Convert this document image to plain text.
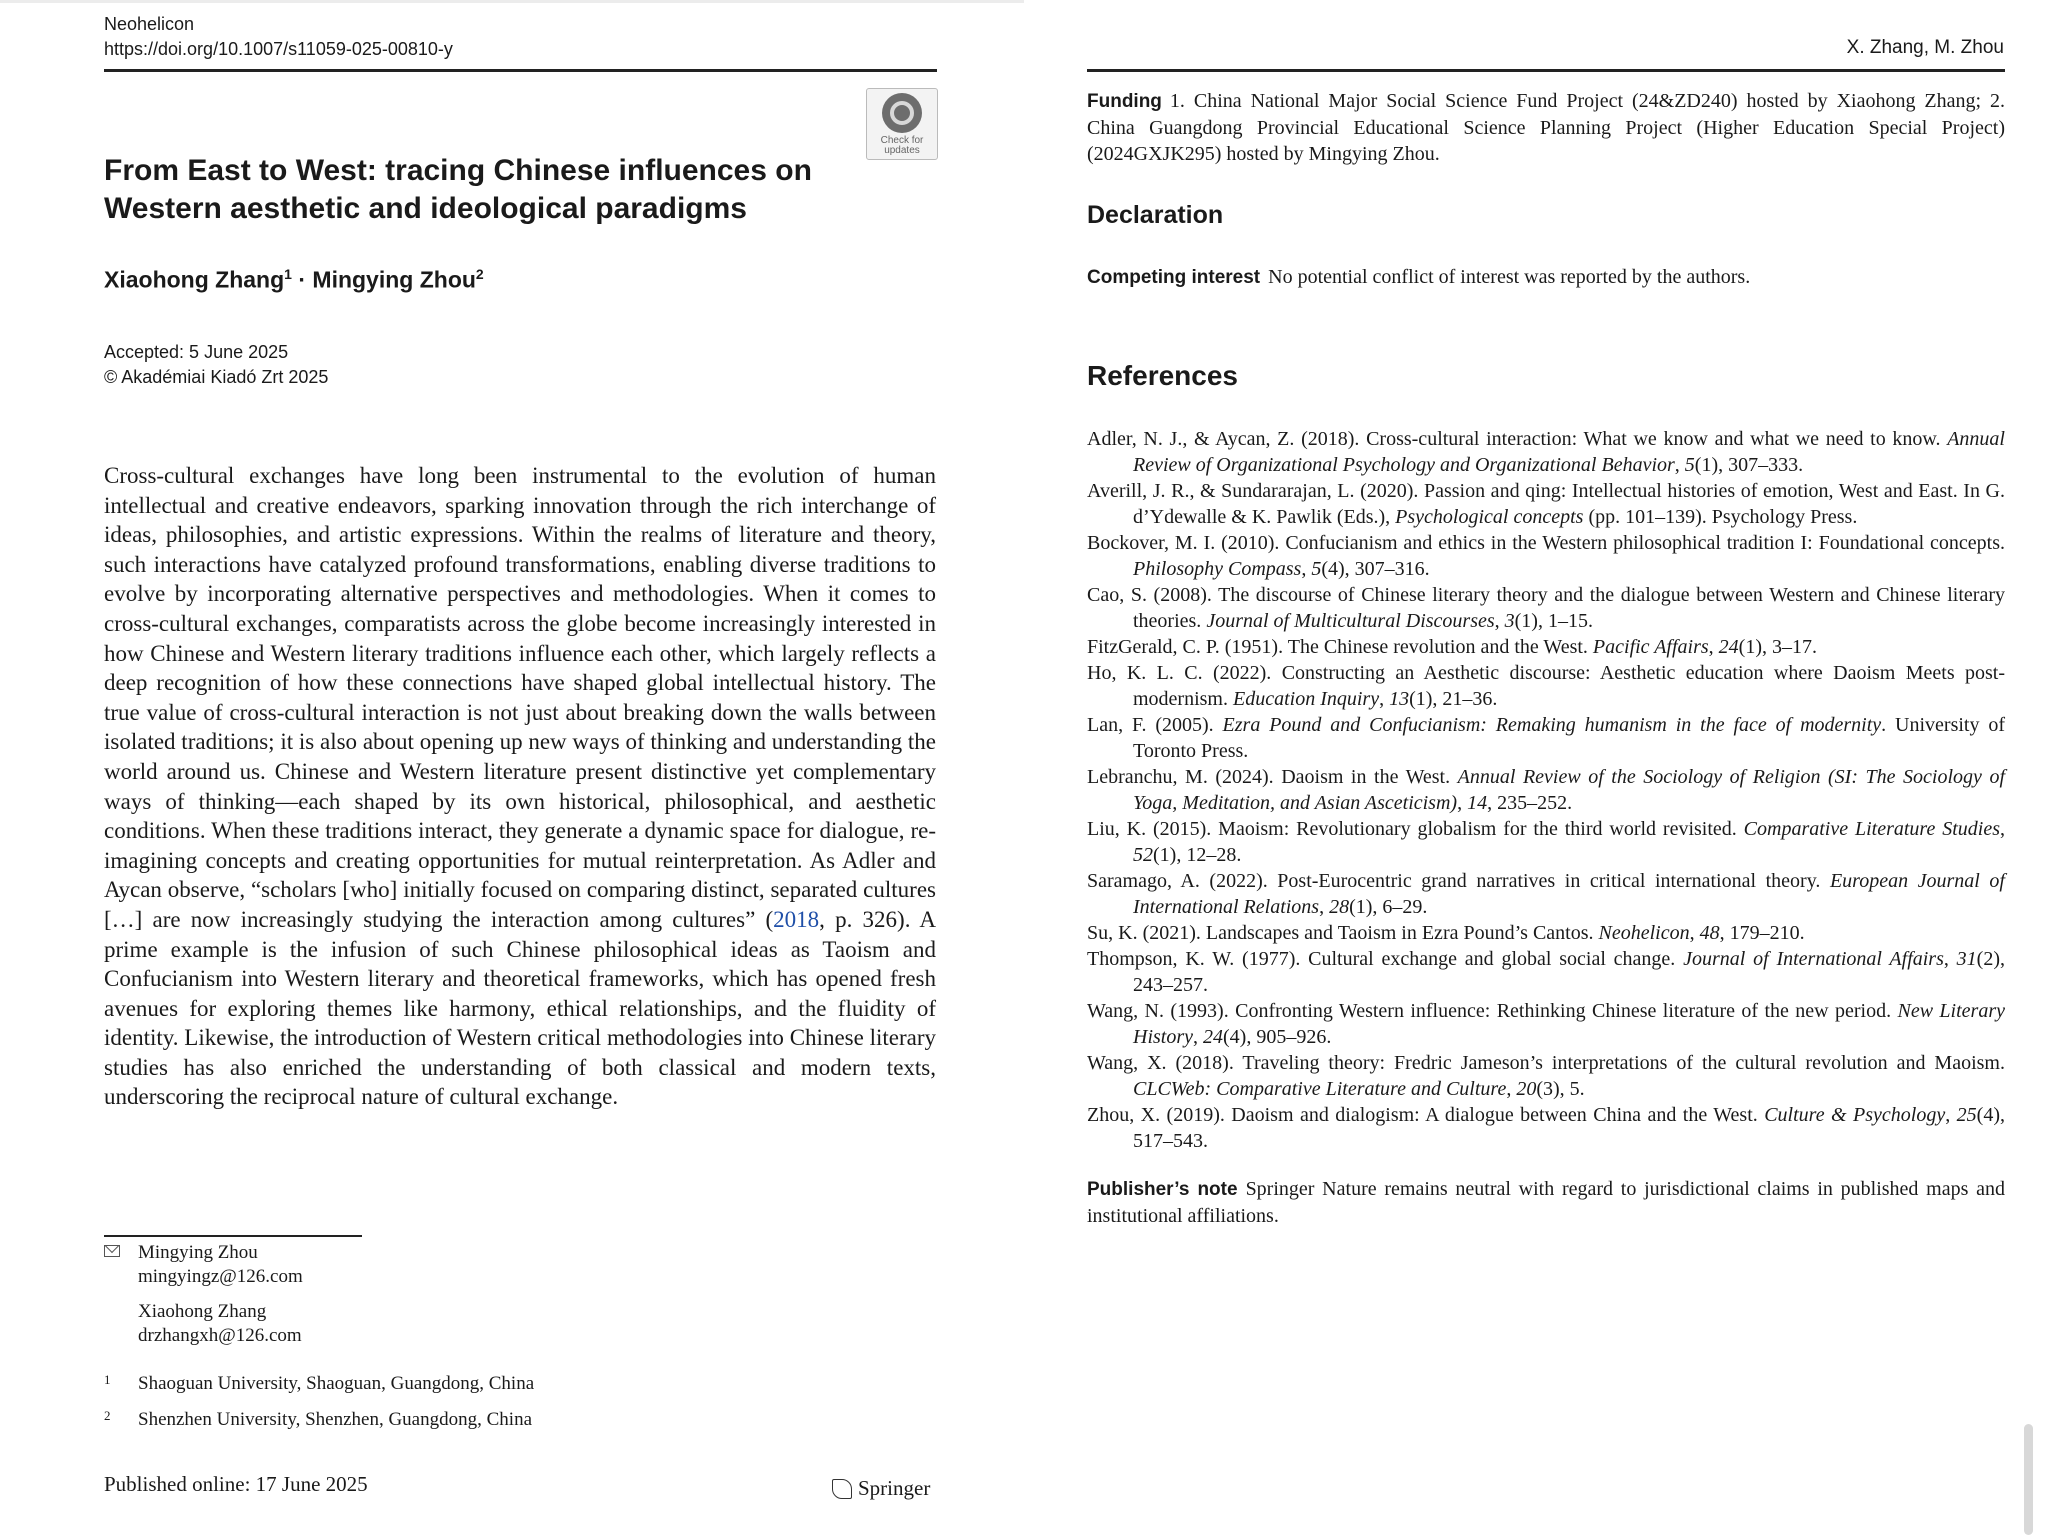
Neohelicon
https://doi.org/10.1007/s11059-025-00810-y
Check for
updates
From East to West: tracing Chinese influences on Western aesthetic and ideological paradigms
Xiaohong Zhang$^1$ · Mingying Zhou$^2$
Accepted: 5 June 2025
© Akadémiai Kiadó Zrt 2025
Cross-cultural exchanges have long been instrumental to the evolution of human intellectual and creative endeavors, sparking innovation through the rich interchange of ideas, philosophies, and artistic expressions. Within the realms of literature and theory, such interactions have catalyzed profound transformations, enabling diverse traditions to evolve by incorporating alternative perspectives and methodologies. When it comes to cross-cultural exchanges, comparatists across the globe become increasingly interested in how Chinese and Western literary traditions influence each other, which largely reflects a deep recognition of how these connections have shaped global intellectual history. The true value of cross-cultural interaction is not just about breaking down the walls between isolated traditions; it is also about opening up new ways of thinking and understanding the world around us. Chinese and Western literature present distinctive yet complementary ways of thinking—each shaped by its own historical, philosophical, and aesthetic conditions. When these traditions interact, they generate a dynamic space for dialogue, re-imagining concepts and creating opportunities for mutual reinterpretation. As Adler and Aycan observe, “scholars [who] initially focused on comparing distinct, separated cultures […] are now increasingly studying the interaction among cultures” (2018, p. 326). A prime example is the infusion of such Chinese philosophical ideas as Taoism and Confucianism into Western literary and theoretical frameworks, which has opened fresh avenues for exploring themes like harmony, ethical relationships, and the fluidity of identity. Likewise, the introduction of Western critical methodologies into Chinese literary studies has also enriched the understanding of both classical and modern texts, underscoring the reciprocal nature of cultural exchange.
Mingying Zhou
mingyingz@126.com
Xiaohong Zhang
drzhangxh@126.com
1 Shaoguan University, Shaoguan, Guangdong, China
2 Shenzhen University, Shenzhen, Guangdong, China
Published online: 17 June 2025	Springer
X. Zhang, M. Zhou
Funding 1. China National Major Social Science Fund Project (24&ZD240) hosted by Xiaohong Zhang; 2. China Guangdong Provincial Educational Science Planning Project (Higher Education Special Project) (2024GXJK295) hosted by Mingying Zhou.
Declaration
Competing interest No potential conflict of interest was reported by the authors.
References
Adler, N. J., & Aycan, Z. (2018). Cross-cultural interaction: What we know and what we need to know. Annual Review of Organizational Psychology and Organizational Behavior, 5(1), 307–333.
Averill, J. R., & Sundararajan, L. (2020). Passion and qing: Intellectual histories of emotion, West and East. In G. d’Ydewalle & K. Pawlik (Eds.), Psychological concepts (pp. 101–139). Psychology Press.
Bockover, M. I. (2010). Confucianism and ethics in the Western philosophical tradition I: Foundational concepts. Philosophy Compass, 5(4), 307–316.
Cao, S. (2008). The discourse of Chinese literary theory and the dialogue between Western and Chinese literary theories. Journal of Multicultural Discourses, 3(1), 1–15.
FitzGerald, C. P. (1951). The Chinese revolution and the West. Pacific Affairs, 24(1), 3–17.
Ho, K. L. C. (2022). Constructing an Aesthetic discourse: Aesthetic education where Daoism Meets post-modernism. Education Inquiry, 13(1), 21–36.
Lan, F. (2005). Ezra Pound and Confucianism: Remaking humanism in the face of modernity. University of Toronto Press.
Lebranchu, M. (2024). Daoism in the West. Annual Review of the Sociology of Religion (SI: The Sociology of Yoga, Meditation, and Asian Asceticism), 14, 235–252.
Liu, K. (2015). Maoism: Revolutionary globalism for the third world revisited. Comparative Literature Studies, 52(1), 12–28.
Saramago, A. (2022). Post-Eurocentric grand narratives in critical international theory. European Journal of International Relations, 28(1), 6–29.
Su, K. (2021). Landscapes and Taoism in Ezra Pound’s Cantos. Neohelicon, 48, 179–210.
Thompson, K. W. (1977). Cultural exchange and global social change. Journal of International Affairs, 31(2), 243–257.
Wang, N. (1993). Confronting Western influence: Rethinking Chinese literature of the new period. New Literary History, 24(4), 905–926.
Wang, X. (2018). Traveling theory: Fredric Jameson’s interpretations of the cultural revolution and Maoism. CLCWeb: Comparative Literature and Culture, 20(3), 5.
Zhou, X. (2019). Daoism and dialogism: A dialogue between China and the West. Culture & Psychology, 25(4), 517–543.
Publisher’s note Springer Nature remains neutral with regard to jurisdictional claims in published maps and institutional affiliations.
